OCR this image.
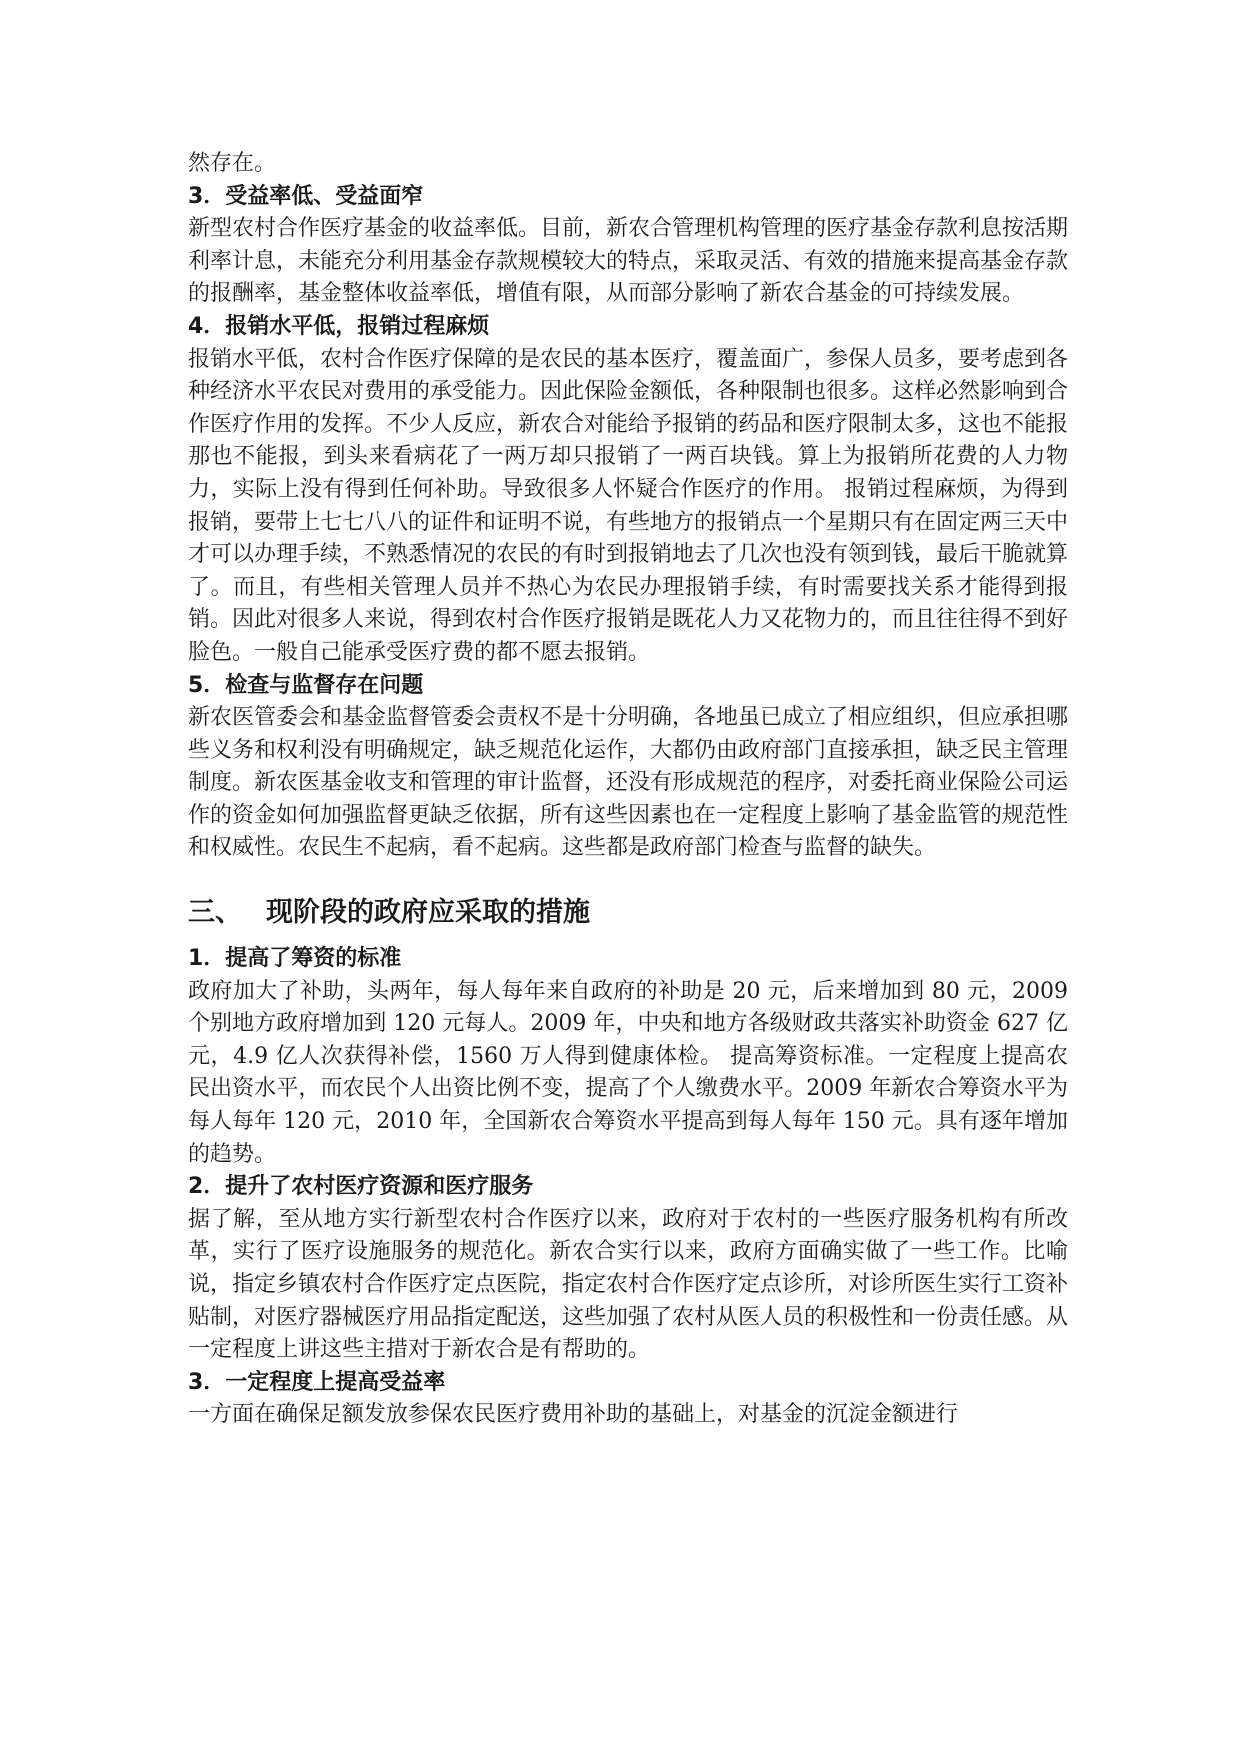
然存在。

3．受益率低、受益面窄

新型农村合作医疗基金的收益率低。目前，新农合管理机构管理的医疗基金存款利息按活期利率计息，未能充分利用基金存款规模较大的特点，采取灵活、有效的措施来提高基金存款的报酬率，基金整体收益率低，增值有限，从而部分影响了新农合基金的可持续发展。

4．报销水平低，报销过程麻烦

报销水平低，农村合作医疗保障的是农民的基本医疗，覆盖面广，参保人员多，要考虑到各种经济水平农民对费用的承受能力。因此保险金额低，各种限制也很多。这样必然影响到合作医疗作用的发挥。不少人反应，新农合对能给予报销的药品和医疗限制太多，这也不能报那也不能报，到头来看病花了一两万却只报销了一两百块钱。算上为报销所花费的人力物力，实际上没有得到任何补助。导致很多人怀疑合作医疗的作用。 报销过程麻烦，为得到报销，要带上七七八八的证件和证明不说，有些地方的报销点一个星期只有在固定两三天中才可以办理手续，不熟悉情况的农民的有时到报销地去了几次也没有领到钱，最后干脆就算了。而且，有些相关管理人员并不热心为农民办理报销手续，有时需要找关系才能得到报销。因此对很多人来说，得到农村合作医疗报销是既花人力又花物力的，而且往往得不到好脸色。一般自己能承受医疗费的都不愿去报销。

5．检查与监督存在问题

新农医管委会和基金监督管委会责权不是十分明确，各地虽已成立了相应组织，但应承担哪些义务和权利没有明确规定，缺乏规范化运作，大都仍由政府部门直接承担，缺乏民主管理制度。新农医基金收支和管理的审计监督，还没有形成规范的程序，对委托商业保险公司运作的资金如何加强监督更缺乏依据，所有这些因素也在一定程度上影响了基金监管的规范性和权威性。农民生不起病，看不起病。这些都是政府部门检查与监督的缺失。

三、 现阶段的政府应采取的措施
1．提高了筹资的标准

政府加大了补助，头两年，每人每年来自政府的补助是 20 元，后来增加到 80 元，2009 个别地方政府增加到 120 元每人。2009 年，中央和地方各级财政共落实补助资金 627 亿元，4.9 亿人次获得补偿，1560 万人得到健康体检。 提高筹资标准。一定程度上提高农民出资水平，而农民个人出资比例不变，提高了个人缴费水平。2009 年新农合筹资水平为每人每年 120 元，2010 年，全国新农合筹资水平提高到每人每年 150 元。具有逐年增加的趋势。

2．提升了农村医疗资源和医疗服务

据了解，至从地方实行新型农村合作医疗以来，政府对于农村的一些医疗服务机构有所改革，实行了医疗设施服务的规范化。新农合实行以来，政府方面确实做了一些工作。比喻说，指定乡镇农村合作医疗定点医院，指定农村合作医疗定点诊所，对诊所医生实行工资补贴制，对医疗器械医疗用品指定配送，这些加强了农村从医人员的积极性和一份责任感。从一定程度上讲这些主措对于新农合是有帮助的。

3．一定程度上提高受益率

一方面在确保足额发放参保农民医疗费用补助的基础上，对基金的沉淀金额进行
